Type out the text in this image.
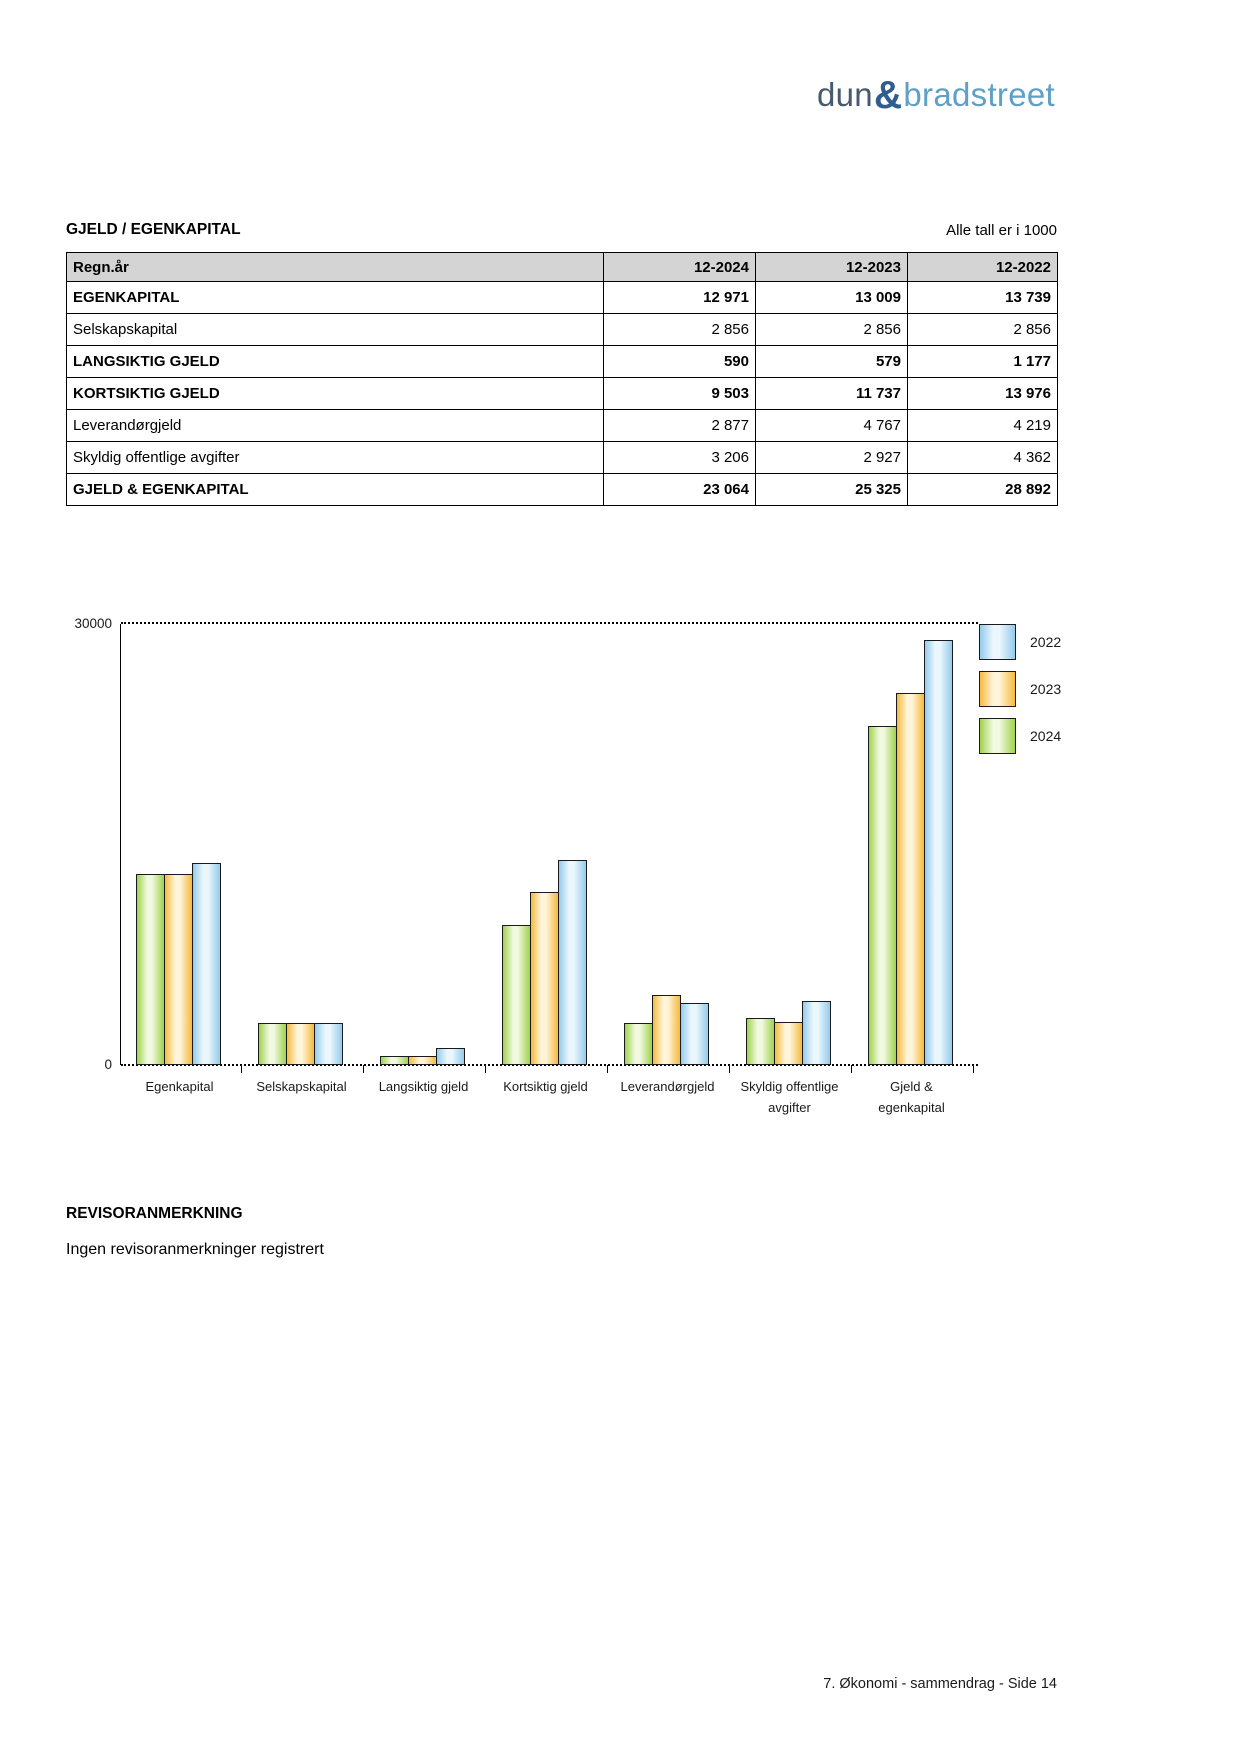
dun&bradstreet
GJELD / EGENKAPITAL	Alle tall er i 1000
Regn.år	12-2024	12-2023	12-2022
EGENKAPITAL	12 971	13 009	13 739
Selskapskapital	2 856	2 856	2 856
LANGSIKTIG GJELD	590	579	1 177
KORTSIKTIG GJELD	9 503	11 737	13 976
Leverandørgjeld	2 877	4 767	4 219
Skyldig offentlige avgifter	3 206	2 927	4 362
GJELD & EGENKAPITAL	23 064	25 325	28 892
30000
0
Egenkapital	Selskapskapital	Langsiktig gjeld	Kortsiktig gjeld	Leverandørgjeld	Skyldig offentlige
avgifter
Gjeld &
egenkapital
2022
2023
2024
REVISORANMERKNING
Ingen revisoranmerkninger registrert
7. Økonomi - sammendrag - Side 14
